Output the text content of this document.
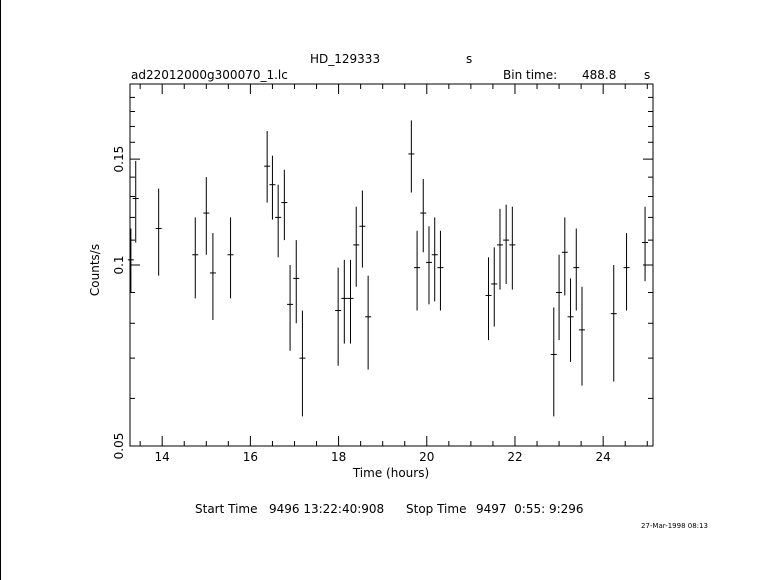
HD_129333	s
ad22012000g300070_1.lc	Bin time: 488.8 s
14	16	18	20	22	24
0.05
0.1
0.15
Time (hours)
Counts/s
Start Time 9496 13:22:40:908 Stop Time 9497  0:55: 9:296
27-Mar-1998 08:13
